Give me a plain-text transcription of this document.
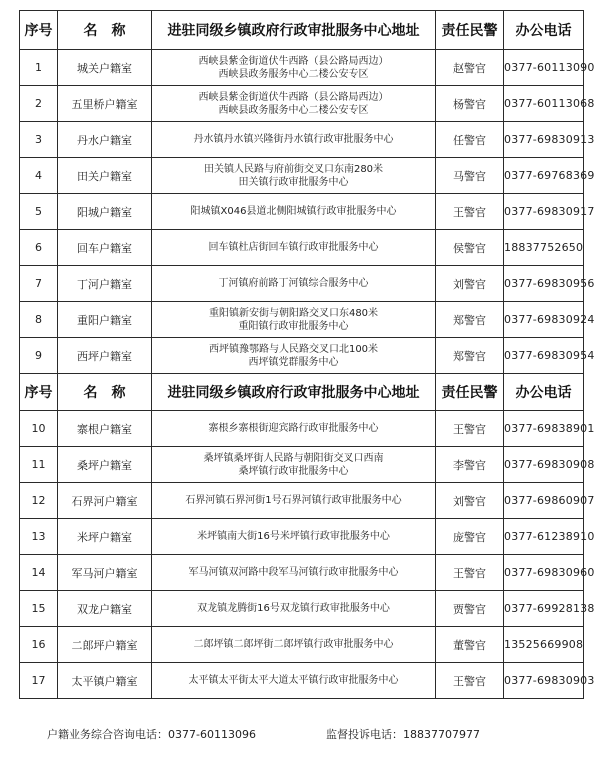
序号	名　称	进驻同级乡镇政府行政审批服务中心地址	责任民警	办公电话
1	城关户籍室	西峡县紫金街道伏牛西路（县公路局西边）
西峡县政务服务中心二楼公安专区	赵警官	0377-60113090
2	五里桥户籍室	西峡县紫金街道伏牛西路（县公路局西边）
西峡县政务服务中心二楼公安专区	杨警官	0377-60113068
3	丹水户籍室	丹水镇丹水镇兴隆街丹水镇行政审批服务中心	任警官	0377-69830913
4	田关户籍室	田关镇人民路与府前街交叉口东南280米
田关镇行政审批服务中心	马警官	0377-69768369
5	阳城户籍室	阳城镇X046县道北侧阳城镇行政审批服务中心	王警官	0377-69830917
6	回车户籍室	回车镇杜店街回车镇行政审批服务中心	侯警官	18837752650
7	丁河户籍室	丁河镇府前路丁河镇综合服务中心	刘警官	0377-69830956
8	重阳户籍室	重阳镇新安街与朝阳路交叉口东480米
重阳镇行政审批服务中心	郑警官	0377-69830924
9	西坪户籍室	西坪镇豫鄂路与人民路交叉口北100米
西坪镇党群服务中心	郑警官	0377-69830954
序号	名　称	进驻同级乡镇政府行政审批服务中心地址	责任民警	办公电话
10	寨根户籍室	寨根乡寨根街迎宾路行政审批服务中心	王警官	0377-69838901
11	桑坪户籍室	桑坪镇桑坪街人民路与朝阳街交叉口西南
桑坪镇行政审批服务中心	李警官	0377-69830908
12	石界河户籍室	石界河镇石界河街1号石界河镇行政审批服务中心	刘警官	0377-69860907
13	米坪户籍室	米坪镇南大街16号米坪镇行政审批服务中心	庞警官	0377-61238910
14	军马河户籍室	军马河镇双河路中段军马河镇行政审批服务中心	王警官	0377-69830960
15	双龙户籍室	双龙镇龙腾街16号双龙镇行政审批服务中心	贾警官	0377-69928138
16	二郎坪户籍室	二郎坪镇二郎坪街二郎坪镇行政审批服务中心	董警官	13525669908
17	太平镇户籍室	太平镇太平街太平大道太平镇行政审批服务中心	王警官	0377-69830903
户籍业务综合咨询电话：0377-60113096	监督投诉电话：18837707977
